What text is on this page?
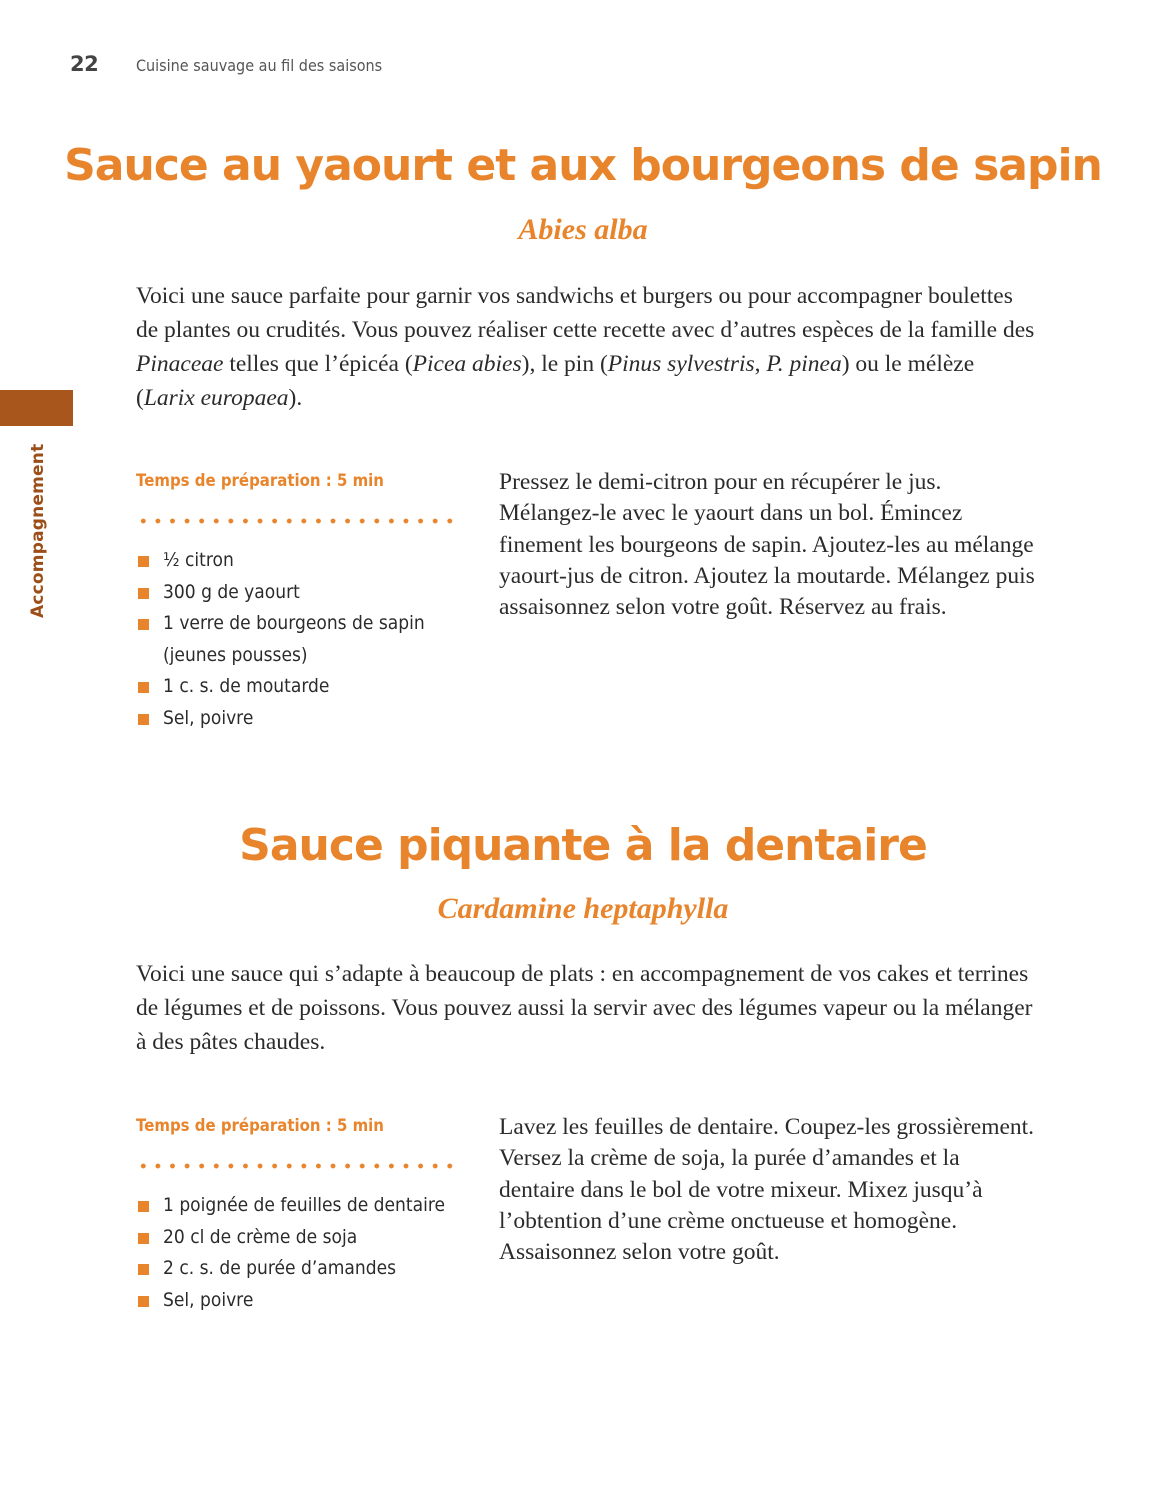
22 Cuisine sauvage au fil des saisons
Accompagnement
Sauce au yaourt et aux bourgeons de sapin
Abies alba

Voici une sauce parfaite pour garnir vos sandwichs et burgers ou pour accompagner boulettes de plantes ou crudités. Vous pouvez réaliser cette recette avec d’autres espèces de la famille des Pinaceae telles que l’épicéa (Picea abies), le pin (Pinus sylvestris, P. pinea) ou le mélèze (Larix europaea).

Temps de préparation : 5 min
½ citron
300 g de yaourt
1 verre de bourgeons de sapin
(jeunes pousses)
1 c. s. de moutarde
Sel, poivre

Pressez le demi-citron pour en récupérer le jus. Mélangez-le avec le yaourt dans un bol. Émincez finement les bourgeons de sapin. Ajoutez-les au mélange yaourt-jus de citron. Ajoutez la moutarde. Mélangez puis assaisonnez selon votre goût. Réservez au frais.

Sauce piquante à la dentaire
Cardamine heptaphylla

Voici une sauce qui s’adapte à beaucoup de plats : en accompagnement de vos cakes et terrines de légumes et de poissons. Vous pouvez aussi la servir avec des légumes vapeur ou la mélanger à des pâtes chaudes.

Temps de préparation : 5 min
1 poignée de feuilles de dentaire
20 cl de crème de soja
2 c. s. de purée d’amandes
Sel, poivre

Lavez les feuilles de dentaire. Coupez-les grossièrement. Versez la crème de soja, la purée d’amandes et la dentaire dans le bol de votre mixeur. Mixez jusqu’à l’obtention d’une crème onctueuse et homogène. Assaisonnez selon votre goût.
